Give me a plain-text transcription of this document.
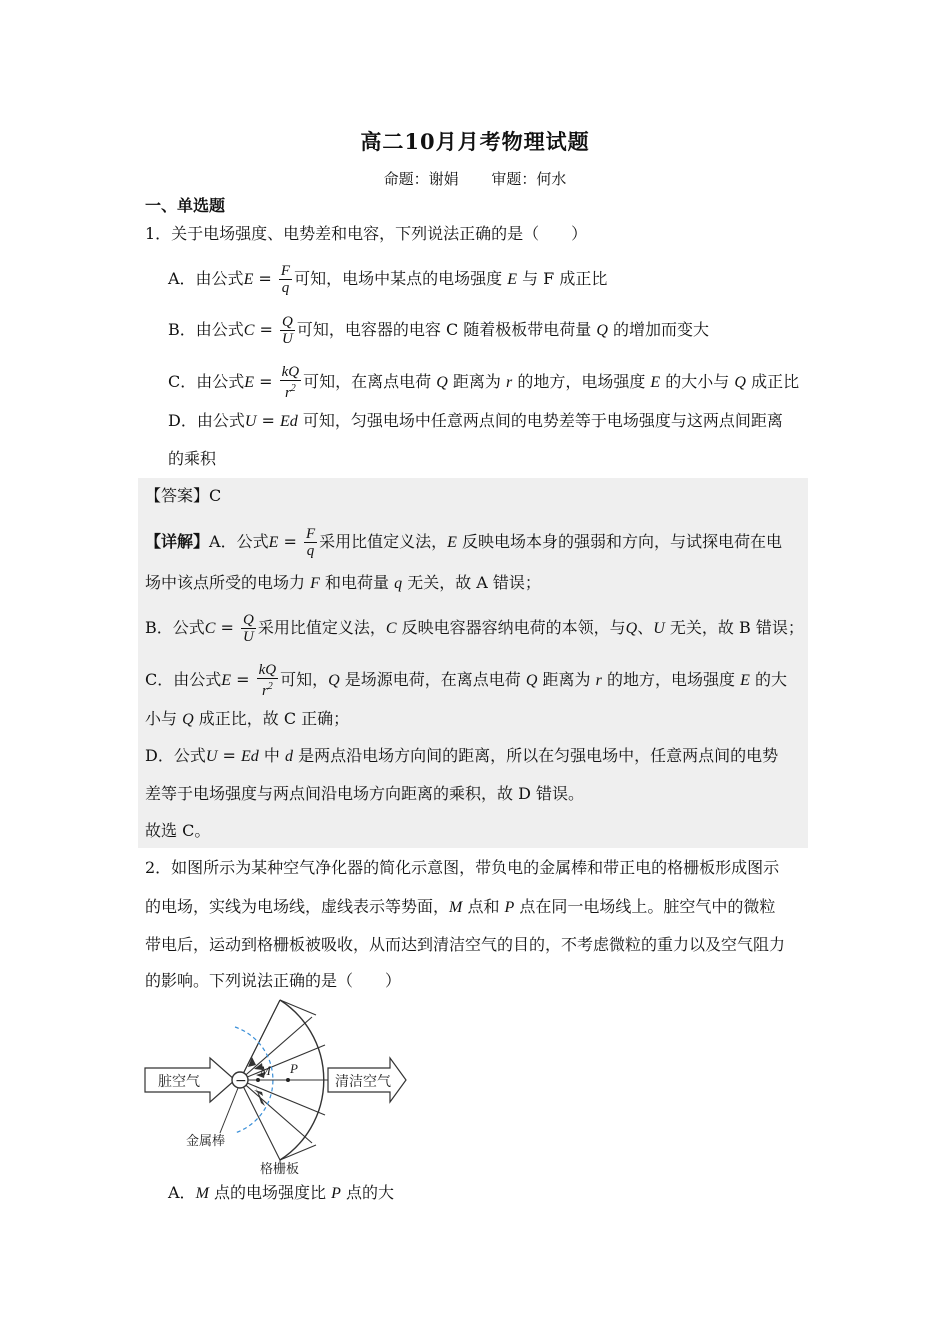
高二10月月考物理试题
命题：谢娟 审题：何水
一、单选题
1．关于电场强度、电势差和电容，下列说法正确的是（　　）
A．由公式$E = \frac{F}{q}$ 可知，电场中某点的电场强度 E 与 F 成正比
B．由公式$C = \frac{Q}{U}$ 可知，电容器的电容 C 随着极板带电荷量 Q 的增加而变大
C．由公式$E = \frac{kQ}{r^2}$ 可知，在离点电荷 Q 距离为 r 的地方，电场强度 E 的大小与 Q 成正比
D．由公式U = Ed 可知，匀强电场中任意两点间的电势差等于电场强度与这两点间距离
的乘积
【答案】C
【详解】A．公式$E = \frac{F}{q}$ 采用比值定义法，E 反映电场本身的强弱和方向，与试探电荷在电
场中该点所受的电场力 F 和电荷量 q 无关，故 A 错误；
B．公式$C = \frac{Q}{U}$ 采用比值定义法，C 反映电容器容纳电荷的本领，与Q、U 无关，故 B 错误；
C．由公式$E = \frac{kQ}{r^2}$ 可知，Q 是场源电荷，在离点电荷 Q 距离为 r 的地方，电场强度 E 的大
小与 Q 成正比，故 C 正确；
D．公式U = Ed 中 d 是两点沿电场方向间的距离，所以在匀强电场中，任意两点间的电势
差等于电场强度与两点间沿电场方向距离的乘积，故 D 错误。
故选 C。
2．如图所示为某种空气净化器的简化示意图，带负电的金属棒和带正电的格栅板形成图示
的电场，实线为电场线，虚线表示等势面，M 点和 P 点在同一电场线上。脏空气中的微粒
带电后，运动到格栅板被吸收，从而达到清洁空气的目的，不考虑微粒的重力以及空气阻力
的影响。下列说法正确的是（　　）
脏空气	−
M P
清洁空气
金属棒
格栅板
A．M 点的电场强度比 P 点的大
